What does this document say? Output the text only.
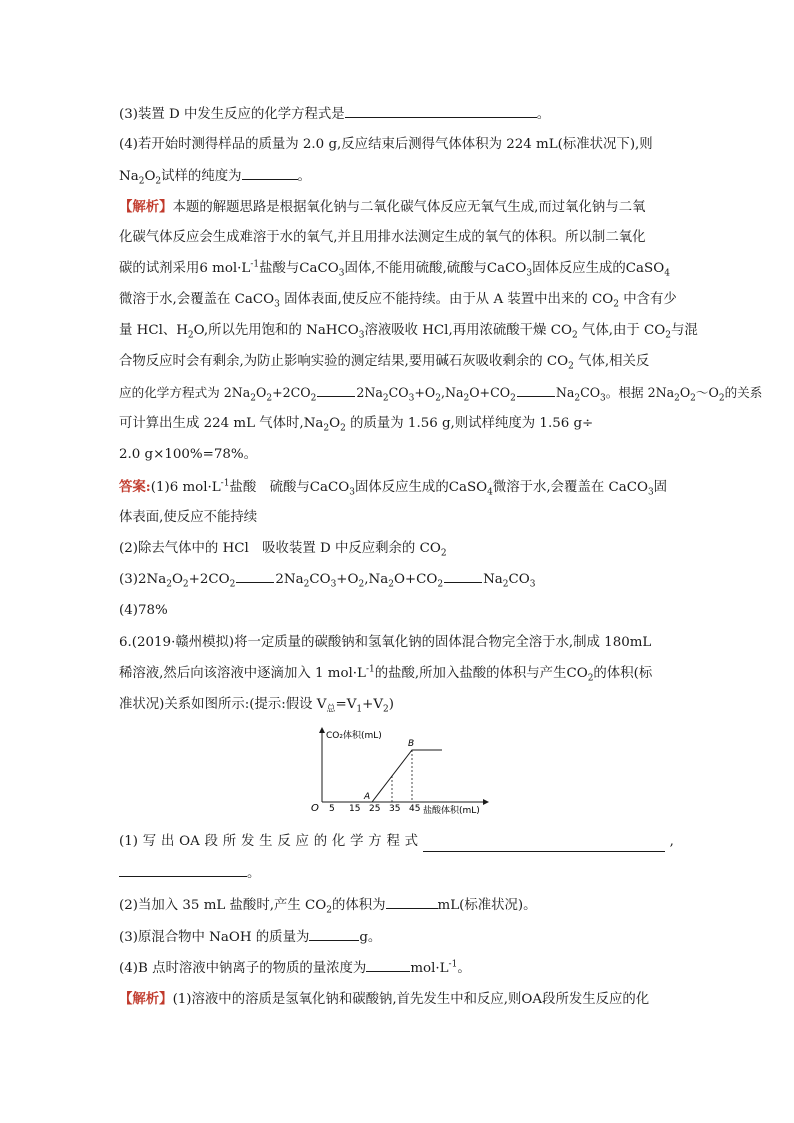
(3)装置 D 中发生反应的化学方程式是	。
(4)若开始时测得样品的质量为 2.0 g,反应结束后测得气体体积为 224 mL(标准状况下),则
$Na_2O_2$试样的纯度为	。
【解析】本题的解题思路是根据氧化钠与二氧化碳气体反应无氧气生成,而过氧化钠与二氧
化碳气体反应会生成难溶于水的氧气,并且用排水法测定生成的氧气的体积。所以制二氧化
碳的试剂采用6 $mol\cdot L^{-1}$盐酸与CaCO$_3$固体,不能用硫酸,硫酸与CaCO$_3$固体反应生成的CaSO$_4$
微溶于水,会覆盖在 CaCO$_3$ 固体表面,使反应不能持续。由于从 A 装置中出来的 $CO_2$ 中含有少
量 HCl、$H_2O$,所以先用饱和的 NaHCO$_3$溶液吸收 HCl,再用浓硫酸干燥 $CO_2$ 气体,由于 $CO_2$与混
合物反应时会有剩余,为防止影响实验的测定结果,要用碱石灰吸收剩余的 $CO_2$ 气体,相关反
应的化学方程式为 $2Na_2O_2+2CO_2$	$2Na_2CO_3+O_2,Na_2O+CO_2$	$Na_2CO_3$。根据 $2Na_2O_2\sim O_2$的关系
可计算出生成 224 mL 气体时$,Na_2O_2$ 的质量为 1.56 g,则试样纯度为 1.56 g÷
2.0 g×100%=78%。
答案:(1)6 $mol\cdot L^{-1}$盐酸　硫酸与CaCO$_3$固体反应生成的CaSO$_4$微溶于水,会覆盖在 CaCO$_3$固
体表面,使反应不能持续
(2)除去气体中的 HCl　吸收装置 D 中反应剩余的 $CO_2$
$(3)2Na_2O_2+2CO_2$	$2Na_2CO_3+O_2,Na_2O+CO_2$	$Na_2CO_3$
(4)78%
6.(2019·赣州模拟)将一定质量的碳酸钠和氢氧化钠的固体混合物完全溶于水,制成 180mL
稀溶液,然后向该溶液中逐滴加入 1 $mol\cdot L^{-1}$的盐酸,所加入盐酸的体积与产生$CO_2$的体积(标
准状况)关系如图所示:(提示:假设 $V_总=V_1+V_2$)
CO₂体积(mL)
盐酸体积(mL)
O 5 15 25 35 45
A
B
(1) 写 出 OA 段 所 发 生 反 应 的 化 学 方 程 式	,
。
(2)当加入 35 mL 盐酸时,产生 $CO_2$的体积为	mL(标准状况)。
(3)原混合物中 NaOH 的质量为	g。
(4)B 点时溶液中钠离子的物质的量浓度为	$mol\cdot L^{-1}$。
【解析】(1)溶液中的溶质是氢氧化钠和碳酸钠,首先发生中和反应,则OA段所发生反应的化
